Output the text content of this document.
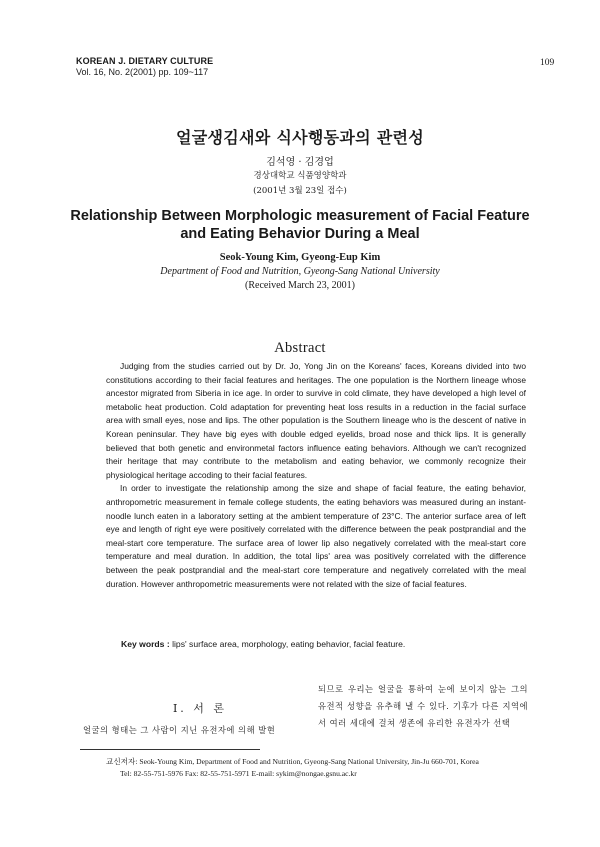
KOREAN J. DIETARY CULTURE
Vol. 16, No. 2(2001) pp. 109~117
109
얼굴생김새와 식사행동과의 관련성
김석영 · 김경업
경상대학교 식품영양학과
(2001년 3월 23일 접수)
Relationship Between Morphologic measurement of Facial Feature and Eating Behavior During a Meal
Seok-Young Kim, Gyeong-Eup Kim
Department of Food and Nutrition, Gyeong-Sang National University
(Received March 23, 2001)
Abstract

Judging from the studies carried out by Dr. Jo, Yong Jin on the Koreans' faces, Koreans divided into two constitutions according to their facial features and heritages. The one population is the Northern lineage whose ancestor migrated from Siberia in ice age. In order to survive in cold climate, they have developed a high level of metabolic heat production. Cold adaptation for preventing heat loss results in a reduction in the facial surface area with small eyes, nose and lips. The other population is the Southern lineage who is the descent of native in Korean peninsular. They have big eyes with double edged eyelids, broad nose and thick lips. It is generally believed that both genetic and environmetal factors influence eating behaviors. Although we can't recognized their heritage that may contribute to the metabolism and eating behavior, we commonly recognize their physiological heritage accoding to their facial features.

In order to investigate the relationship among the size and shape of facial feature, the eating behavior, anthropometric measurement in female college students, the eating behaviors was measured during an instant-noodle lunch eaten in a laboratory setting at the ambient temperature of 23°C. The anterior surface area of left eye and length of right eye were positively correlated with the difference between the peak postprandial and the meal-start core temperature. The surface area of lower lip also negatively correlated with the meal-start core temperature and meal duration. In addition, the total lips' area was positively correlated with the difference between the peak postprandial and the meal-start core temperature and negatively correlated with the meal duration. However anthropometric measurements were not related with the size of facial features.

Key words : lips' surface area, morphology, eating behavior, facial feature.
I. 서 론
얼굴의 형태는 그 사람이 지닌 유전자에 의해 발현
되므로 우리는 얼굴을 통하여 눈에 보이지 않는 그의 유전적 성향을 유추해 낼 수 있다. 기후가 다른 지역에서 여러 세대에 걸쳐 생존에 유리한 유전자가 선택
교신저자: Seok-Young Kim, Department of Food and Nutrition, Gyeong-Sang National University, Jin-Ju 660-701, Korea
Tel: 82-55-751-5976 Fax: 82-55-751-5971 E-mail: sykim@nongae.gsnu.ac.kr
